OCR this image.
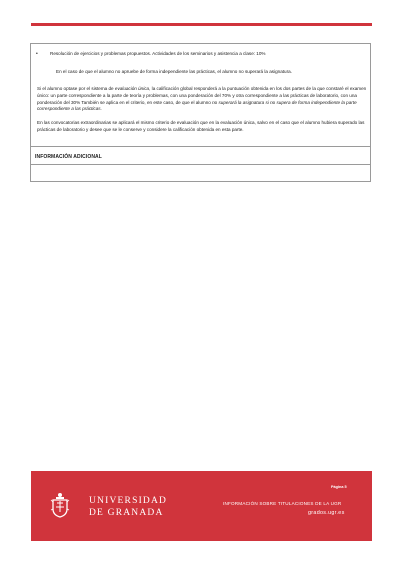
•	Resolución de ejercicios y problemas propuestos. Actividades de los seminarios y asistencia a clase: 10%
En el caso de que el alumno no apruebe de forma independiente las prácticas, el alumno no superará la asignatura.
Si el alumno optase por el sistema de evaluación única, la calificación global responderá a la puntuación obtenida en los dos partes de la que constaré el examen único: un parte correspondiente a la parte de teoría y problemas, con una ponderación del 70% y otra correspondiente a las prácticas de laboratorio, con una ponderación del 30% También se aplica en el criterio, en este caso, de que el alumno no superará la asignatura si no supera de forma independiente la parte correspondiente a las prácticas.
En las convocatorias extraordinarias se aplicará el mismo criterio de evaluación que en la evaluación única, salvo en el caso que el alumno hubiera superado las prácticas de laboratorio y desee que se le conserve y considere la calificación obtenida en esta parte.
INFORMACIÓN ADICIONAL
UNIVERSIDAD
DE GRANADA
Página 5
INFORMACIÓN SOBRE TITULACIONES DE LA UGR
grados.ugr.es
